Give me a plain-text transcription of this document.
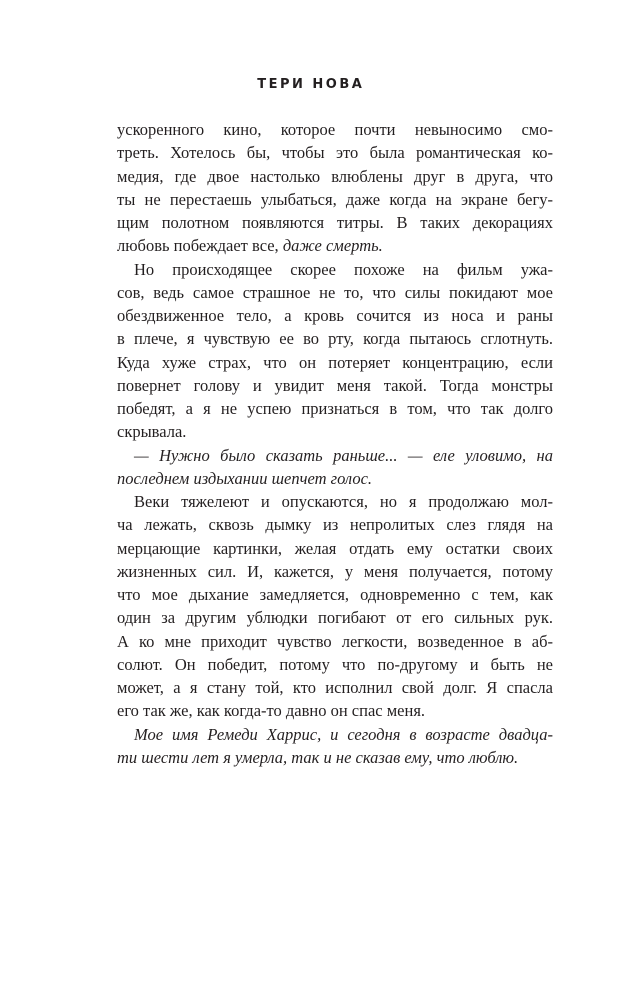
ТЕРИ НОВА
ускоренного кино, которое почти невыносимо смо-
треть. Хотелось бы, чтобы это была романтическая ко-
медия, где двое настолько влюблены друг в друга, что
ты не перестаешь улыбаться, даже когда на экране бегу-
щим полотном появляются титры. В таких декорациях
любовь побеждает все, даже смерть.
Но происходящее скорее похоже на фильм ужа-
сов, ведь самое страшное не то, что силы покидают мое
обездвиженное тело, а кровь сочится из носа и раны
в плече, я чувствую ее во рту, когда пытаюсь сглотнуть.
Куда хуже страх, что он потеряет концентрацию, если
повернет голову и увидит меня такой. Тогда монстры
победят, а я не успею признаться в том, что так долго
скрывала.
— Нужно было сказать раньше... — еле уловимо, на
последнем издыхании шепчет голос.
Веки тяжелеют и опускаются, но я продолжаю мол-
ча лежать, сквозь дымку из непролитых слез глядя на
мерцающие картинки, желая отдать ему остатки своих
жизненных сил. И, кажется, у меня получается, потому
что мое дыхание замедляется, одновременно с тем, как
один за другим ублюдки погибают от его сильных рук.
А ко мне приходит чувство легкости, возведенное в аб-
солют. Он победит, потому что по-другому и быть не
может, а я стану той, кто исполнил свой долг. Я спасла
его так же, как когда-то давно он спас меня.
Мое имя Ремеди Харрис, и сегодня в возрасте двадца-
ти шести лет я умерла, так и не сказав ему, что люблю.
